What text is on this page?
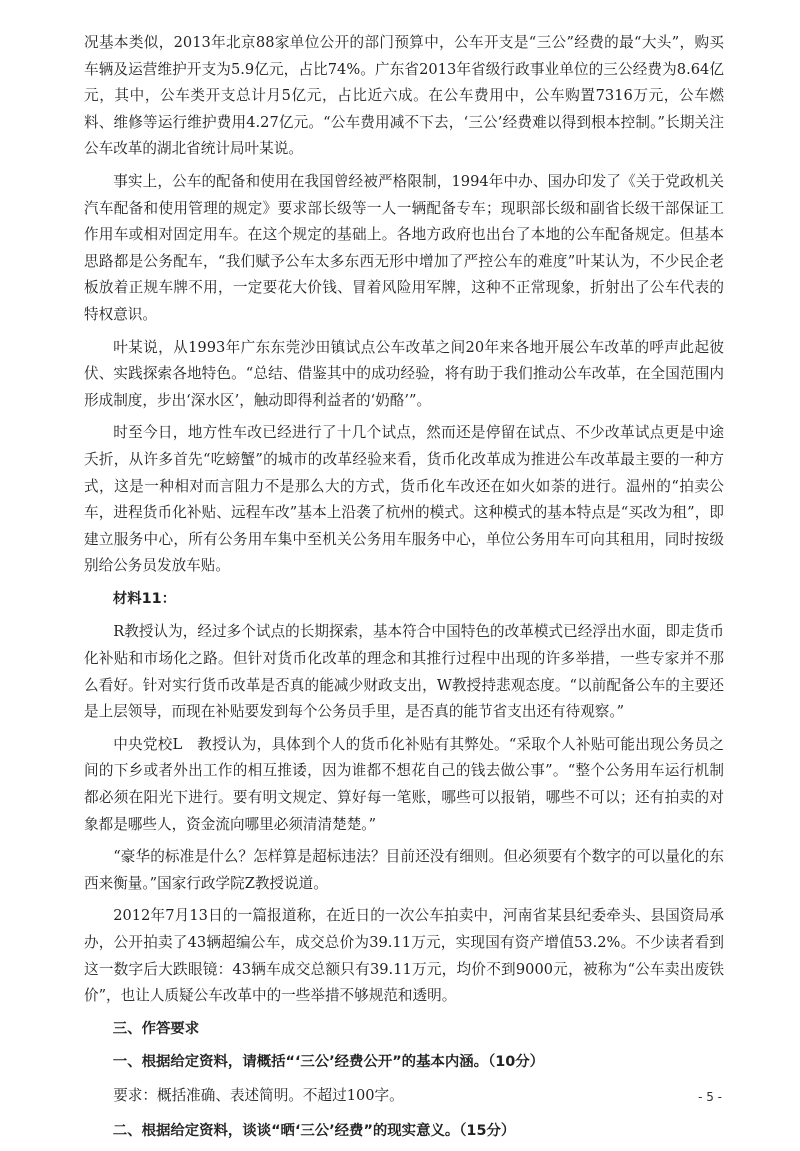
况基本类似，2013年北京88家单位公开的部门预算中，公车开支是“三公”经费的最“大头”，购买车辆及运营维护开支为5.9亿元，占比74%。广东省2013年省级行政事业单位的三公经费为8.64亿元，其中，公车类开支总计月5亿元，占比近六成。在公车费用中，公车购置7316万元，公车燃料、维修等运行维护费用4.27亿元。“公车费用减不下去，‘三公’经费难以得到根本控制。”长期关注公车改革的湖北省统计局叶某说。

事实上，公车的配备和使用在我国曾经被严格限制，1994年中办、国办印发了《关于党政机关汽车配备和使用管理的规定》要求部长级等一人一辆配备专车；现职部长级和副省长级干部保证工作用车或相对固定用车。在这个规定的基础上。各地方政府也出台了本地的公车配备规定。但基本思路都是公务配车，“我们赋予公车太多东西无形中增加了严控公车的难度”叶某认为，不少民企老板放着正规车牌不用，一定要花大价钱、冒着风险用军牌，这种不正常现象，折射出了公车代表的特权意识。

叶某说，从1993年广东东莞沙田镇试点公车改革之间20年来各地开展公车改革的呼声此起彼伏、实践探索各地特色。“总结、借鉴其中的成功经验，将有助于我们推动公车改革，在全国范围内形成制度，步出‘深水区’，触动即得利益者的‘奶酪’”。

时至今日，地方性车改已经进行了十几个试点，然而还是停留在试点、不少改革试点更是中途夭折，从许多首先“吃螃蟹”的城市的改革经验来看，货币化改革成为推进公车改革最主要的一种方式，这是一种相对而言阻力不是那么大的方式，货币化车改还在如火如荼的进行。温州的“拍卖公车，进程货币化补贴、远程车改”基本上沿袭了杭州的模式。这种模式的基本特点是“买改为租”，即建立服务中心，所有公务用车集中至机关公务用车服务中心，单位公务用车可向其租用，同时按级别给公务员发放车贴。

材料11：

R教授认为，经过多个试点的长期探索，基本符合中国特色的改革模式已经浮出水面，即走货币化补贴和市场化之路。但针对货币化改革的理念和其推行过程中出现的许多举措，一些专家并不那么看好。针对实行货币改革是否真的能减少财政支出，W教授持悲观态度。“以前配备公车的主要还是上层领导，而现在补贴要发到每个公务员手里，是否真的能节省支出还有待观察。”

中央党校L　教授认为，具体到个人的货币化补贴有其弊处。“采取个人补贴可能出现公务员之间的下乡或者外出工作的相互推诿，因为谁都不想花自己的钱去做公事”。“整个公务用车运行机制都必须在阳光下进行。要有明文规定、算好每一笔账，哪些可以报销，哪些不可以；还有拍卖的对象都是哪些人，资金流向哪里必须清清楚楚。”

“豪华的标准是什么？怎样算是超标违法？目前还没有细则。但必须要有个数字的可以量化的东西来衡量。”国家行政学院Z教授说道。

2012年7月13日的一篇报道称，在近日的一次公车拍卖中，河南省某县纪委牵头、县国资局承办，公开拍卖了43辆超编公车，成交总价为39.11万元，实现国有资产增值53.2%。不少读者看到这一数字后大跌眼镜：43辆车成交总额只有39.11万元，均价不到9000元，被称为“公车卖出废铁价”，也让人质疑公车改革中的一些举措不够规范和透明。

三、作答要求

一、根据给定资料，请概括“‘三公’经费公开”的基本内涵。（10分）

要求：概括准确、表述简明。不超过100字。

二、根据给定资料，谈谈“晒‘三公’经费”的现实意义。（15分）

- 5 -
